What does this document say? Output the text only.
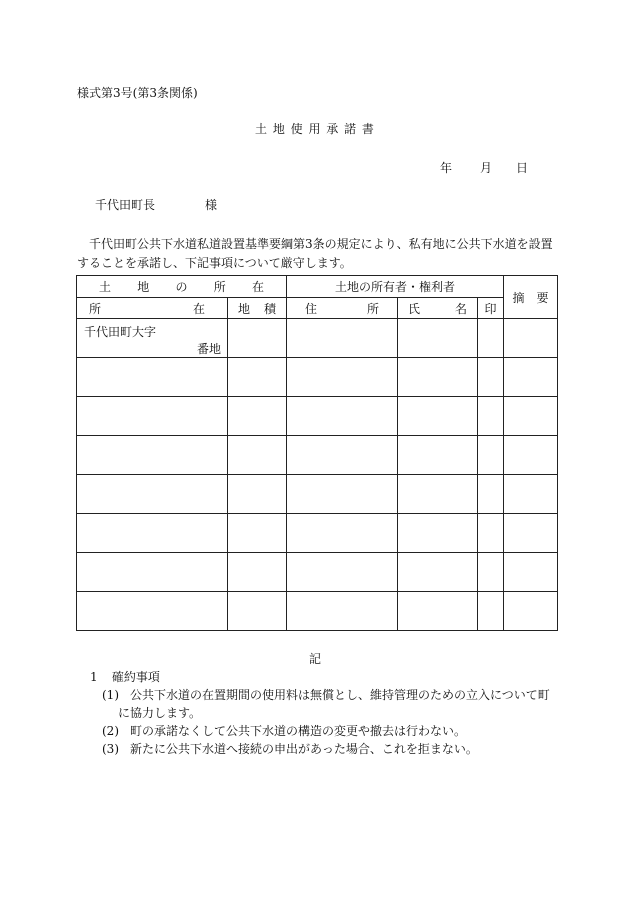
様式第3号(第3条関係)
土 地 使 用 承 諾 書
年 月 日
千代田町長	様

千代田町公共下水道私道設置基準要綱第3条の規定により、私有地に公共下水道を設置

することを承諾し、下記事項について厳守します。

土 地 の 所 在		土地の所有者・権利者			摘　要

所 在	地 積	住 所	氏 名	印	

千代田町大字
番地					

記
1 確約事項
(1) 公共下水道の在置期間の使用料は無償とし、維持管理のための立入について町
に協力します。
(2) 町の承諾なくして公共下水道の構造の変更や撤去は行わない。
(3) 新たに公共下水道へ接続の申出があった場合、これを拒まない。
